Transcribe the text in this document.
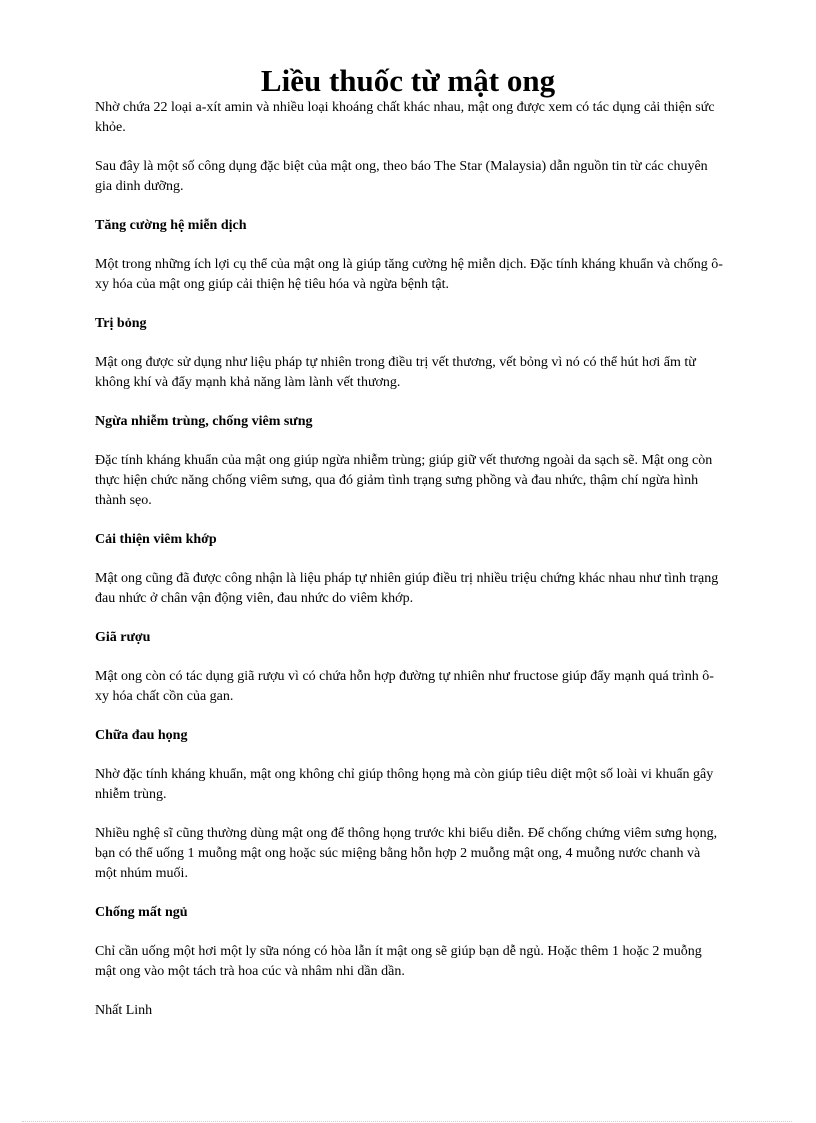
Liều thuốc từ mật ong

Nhờ chứa 22 loại a-xít amin và nhiều loại khoáng chất khác nhau, mật ong được xem có tác dụng cải thiện sức khỏe.

Sau đây là một số công dụng đặc biệt của mật ong, theo báo The Star (Malaysia) dẫn nguồn tin từ các chuyên gia dinh dưỡng.

Tăng cường hệ miễn dịch

Một trong những ích lợi cụ thể của mật ong là giúp tăng cường hệ miễn dịch. Đặc tính kháng khuẩn và chống ô-xy hóa của mật ong giúp cải thiện hệ tiêu hóa và ngừa bệnh tật.

Trị bỏng

Mật ong được sử dụng như liệu pháp tự nhiên trong điều trị vết thương, vết bỏng vì nó có thể hút hơi ẩm từ không khí và đẩy mạnh khả năng làm lành vết thương.

Ngừa nhiễm trùng, chống viêm sưng

Đặc tính kháng khuẩn của mật ong giúp ngừa nhiễm trùng; giúp giữ vết thương ngoài da sạch sẽ. Mật ong còn thực hiện chức năng chống viêm sưng, qua đó giảm tình trạng sưng phồng và đau nhức, thậm chí ngừa hình thành sẹo.

Cải thiện viêm khớp

Mật ong cũng đã được công nhận là liệu pháp tự nhiên giúp điều trị nhiều triệu chứng khác nhau như tình trạng đau nhức ở chân vận động viên, đau nhức do viêm khớp.

Giã rượu

Mật ong còn có tác dụng giã rượu vì có chứa hỗn hợp đường tự nhiên như fructose giúp đẩy mạnh quá trình ô-xy hóa chất cồn của gan.

Chữa đau họng

Nhờ đặc tính kháng khuẩn, mật ong không chỉ giúp thông họng mà còn giúp tiêu diệt một số loài vi khuẩn gây nhiễm trùng.

Nhiều nghệ sĩ cũng thường dùng mật ong để thông họng trước khi biểu diễn. Để chống chứng viêm sưng họng, bạn có thể uống 1 muỗng mật ong hoặc súc miệng bằng hỗn hợp 2 muỗng mật ong, 4 muỗng nước chanh và một nhúm muối.

Chống mất ngủ

Chỉ cần uống một hơi một ly sữa nóng có hòa lẫn ít mật ong sẽ giúp bạn dễ ngủ. Hoặc thêm 1 hoặc 2 muỗng mật ong vào một tách trà hoa cúc và nhâm nhi dần dần.

Nhất Linh
